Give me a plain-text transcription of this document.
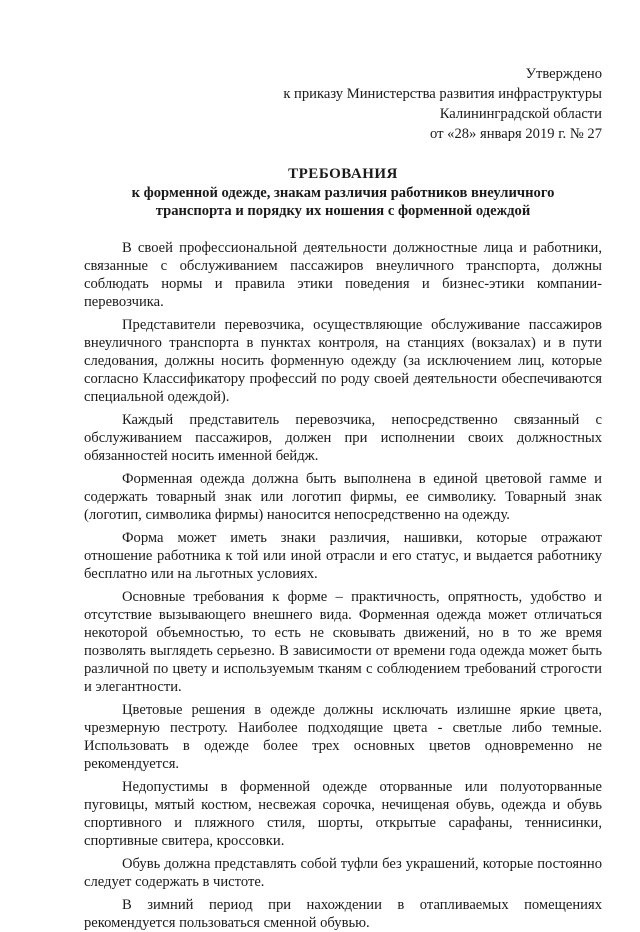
Утверждено
к приказу Министерства развития инфраструктуры
Калининградской области
от «28» января 2019 г. № 27
ТРЕБОВАНИЯ
к форменной одежде, знакам различия работников внеуличного
транспорта и порядку их ношения с форменной одеждой

В своей профессиональной деятельности должностные лица и работники, связанные с обслуживанием пассажиров внеуличного транспорта, должны соблюдать нормы и правила этики поведения и бизнес-этики компании-перевозчика.

Представители перевозчика, осуществляющие обслуживание пассажиров внеуличного транспорта в пунктах контроля, на станциях (вокзалах) и в пути следования, должны носить форменную одежду (за исключением лиц, которые согласно Классификатору профессий по роду своей деятельности обеспечиваются специальной одеждой).

Каждый представитель перевозчика, непосредственно связанный с обслуживанием пассажиров, должен при исполнении своих должностных обязанностей носить именной бейдж.

Форменная одежда должна быть выполнена в единой цветовой гамме и содержать товарный знак или логотип фирмы, ее символику. Товарный знак (логотип, символика фирмы) наносится непосредственно на одежду.

Форма может иметь знаки различия, нашивки, которые отражают отношение работника к той или иной отрасли и его статус, и выдается работнику бесплатно или на льготных условиях.

Основные требования к форме – практичность, опрятность, удобство и отсутствие вызывающего внешнего вида. Форменная одежда может отличаться некоторой объемностью, то есть не сковывать движений, но в то же время позволять выглядеть серьезно. В зависимости от времени года одежда может быть различной по цвету и используемым тканям с соблюдением требований строгости и элегантности.

Цветовые решения в одежде должны исключать излишне яркие цвета, чрезмерную пестроту. Наиболее подходящие цвета - светлые либо темные. Использовать в одежде более трех основных цветов одновременно не рекомендуется.

Недопустимы в форменной одежде оторванные или полуоторванные пуговицы, мятый костюм, несвежая сорочка, нечищеная обувь, одежда и обувь спортивного и пляжного стиля, шорты, открытые сарафаны, теннисинки, спортивные свитера, кроссовки.

Обувь должна представлять собой туфли без украшений, которые постоянно следует содержать в чистоте.

В зимний период при нахождении в отапливаемых помещениях рекомендуется пользоваться сменной обувью.
